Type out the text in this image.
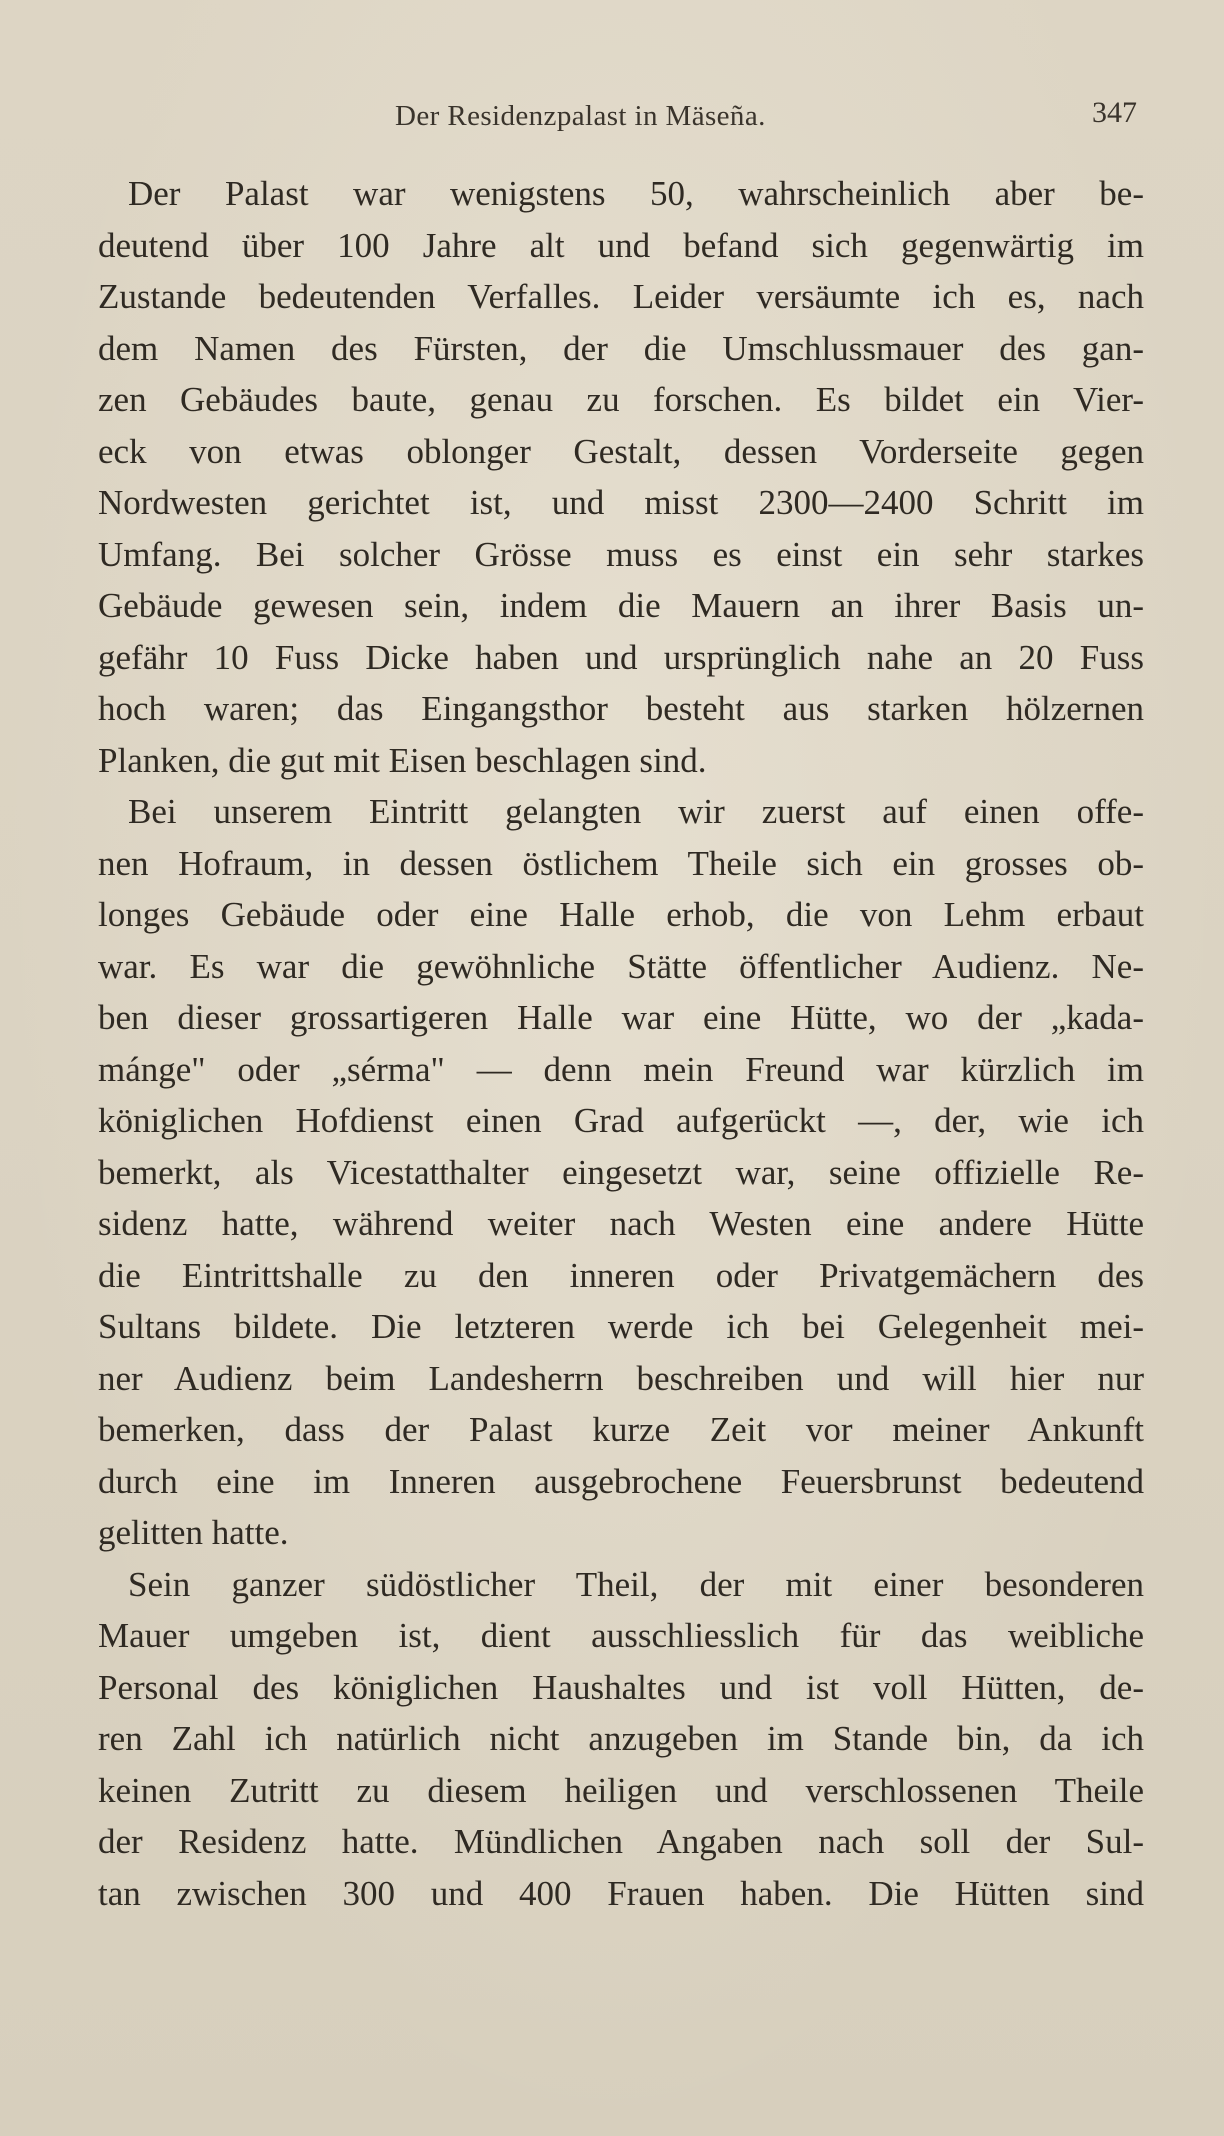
Der Residenzpalast in Mäseña.	347

Der Palast war wenigstens 50, wahrscheinlich aber be-
deutend über 100 Jahre alt und befand sich gegenwärtig im
Zustande bedeutenden Verfalles. Leider versäumte ich es, nach
dem Namen des Fürsten, der die Umschlussmauer des gan-
zen Gebäudes baute, genau zu forschen. Es bildet ein Vier-
eck von etwas oblonger Gestalt, dessen Vorderseite gegen
Nordwesten gerichtet ist, und misst 2300—2400 Schritt im
Umfang. Bei solcher Grösse muss es einst ein sehr starkes
Gebäude gewesen sein, indem die Mauern an ihrer Basis un-
gefähr 10 Fuss Dicke haben und ursprünglich nahe an 20 Fuss
hoch waren; das Eingangsthor besteht aus starken hölzernen
Planken, die gut mit Eisen beschlagen sind.

Bei unserem Eintritt gelangten wir zuerst auf einen offe-
nen Hofraum, in dessen östlichem Theile sich ein grosses ob-
longes Gebäude oder eine Halle erhob, die von Lehm erbaut
war. Es war die gewöhnliche Stätte öffentlicher Audienz. Ne-
ben dieser grossartigeren Halle war eine Hütte, wo der „kada-
mánge" oder „sérma" — denn mein Freund war kürzlich im
königlichen Hofdienst einen Grad aufgerückt —, der, wie ich
bemerkt, als Vicestatthalter eingesetzt war, seine offizielle Re-
sidenz hatte, während weiter nach Westen eine andere Hütte
die Eintrittshalle zu den inneren oder Privatgemächern des
Sultans bildete. Die letzteren werde ich bei Gelegenheit mei-
ner Audienz beim Landesherrn beschreiben und will hier nur
bemerken, dass der Palast kurze Zeit vor meiner Ankunft
durch eine im Inneren ausgebrochene Feuersbrunst bedeutend
gelitten hatte.

Sein ganzer südöstlicher Theil, der mit einer besonderen
Mauer umgeben ist, dient ausschliesslich für das weibliche
Personal des königlichen Haushaltes und ist voll Hütten, de-
ren Zahl ich natürlich nicht anzugeben im Stande bin, da ich
keinen Zutritt zu diesem heiligen und verschlossenen Theile
der Residenz hatte. Mündlichen Angaben nach soll der Sul-
tan zwischen 300 und 400 Frauen haben. Die Hütten sind
